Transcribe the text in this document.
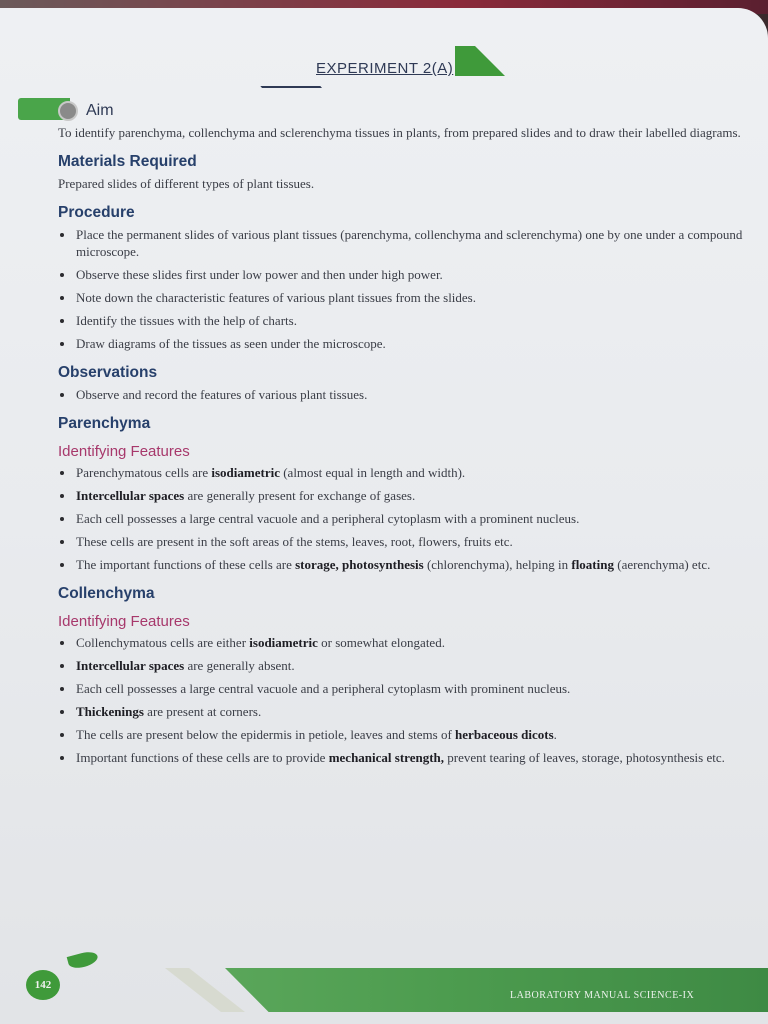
EXPERIMENT 2(A)
Aim

To identify parenchyma, collenchyma and sclerenchyma tissues in plants, from prepared slides and to draw their labelled diagrams.

Materials Required

Prepared slides of different types of plant tissues.

Procedure
Place the permanent slides of various plant tissues (parenchyma, collenchyma and sclerenchyma) one by one under a compound microscope.
Observe these slides first under low power and then under high power.
Note down the characteristic features of various plant tissues from the slides.
Identify the tissues with the help of charts.
Draw diagrams of the tissues as seen under the microscope.
Observations
Observe and record the features of various plant tissues.
Parenchyma
Identifying Features
Parenchymatous cells are isodiametric (almost equal in length and width).
Intercellular spaces are generally present for exchange of gases.
Each cell possesses a large central vacuole and a peripheral cytoplasm with a prominent nucleus.
These cells are present in the soft areas of the stems, leaves, root, flowers, fruits etc.
The important functions of these cells are storage, photosynthesis (chlorenchyma), helping in floating (aerenchyma) etc.
Collenchyma
Identifying Features
Collenchymatous cells are either isodiametric or somewhat elongated.
Intercellular spaces are generally absent.
Each cell possesses a large central vacuole and a peripheral cytoplasm with prominent nucleus.
Thickenings are present at corners.
The cells are present below the epidermis in petiole, leaves and stems of herbaceous dicots.
Important functions of these cells are to provide mechanical strength, prevent tearing of leaves, storage, photosynthesis etc.
142
LABORATORY MANUAL SCIENCE-IX
